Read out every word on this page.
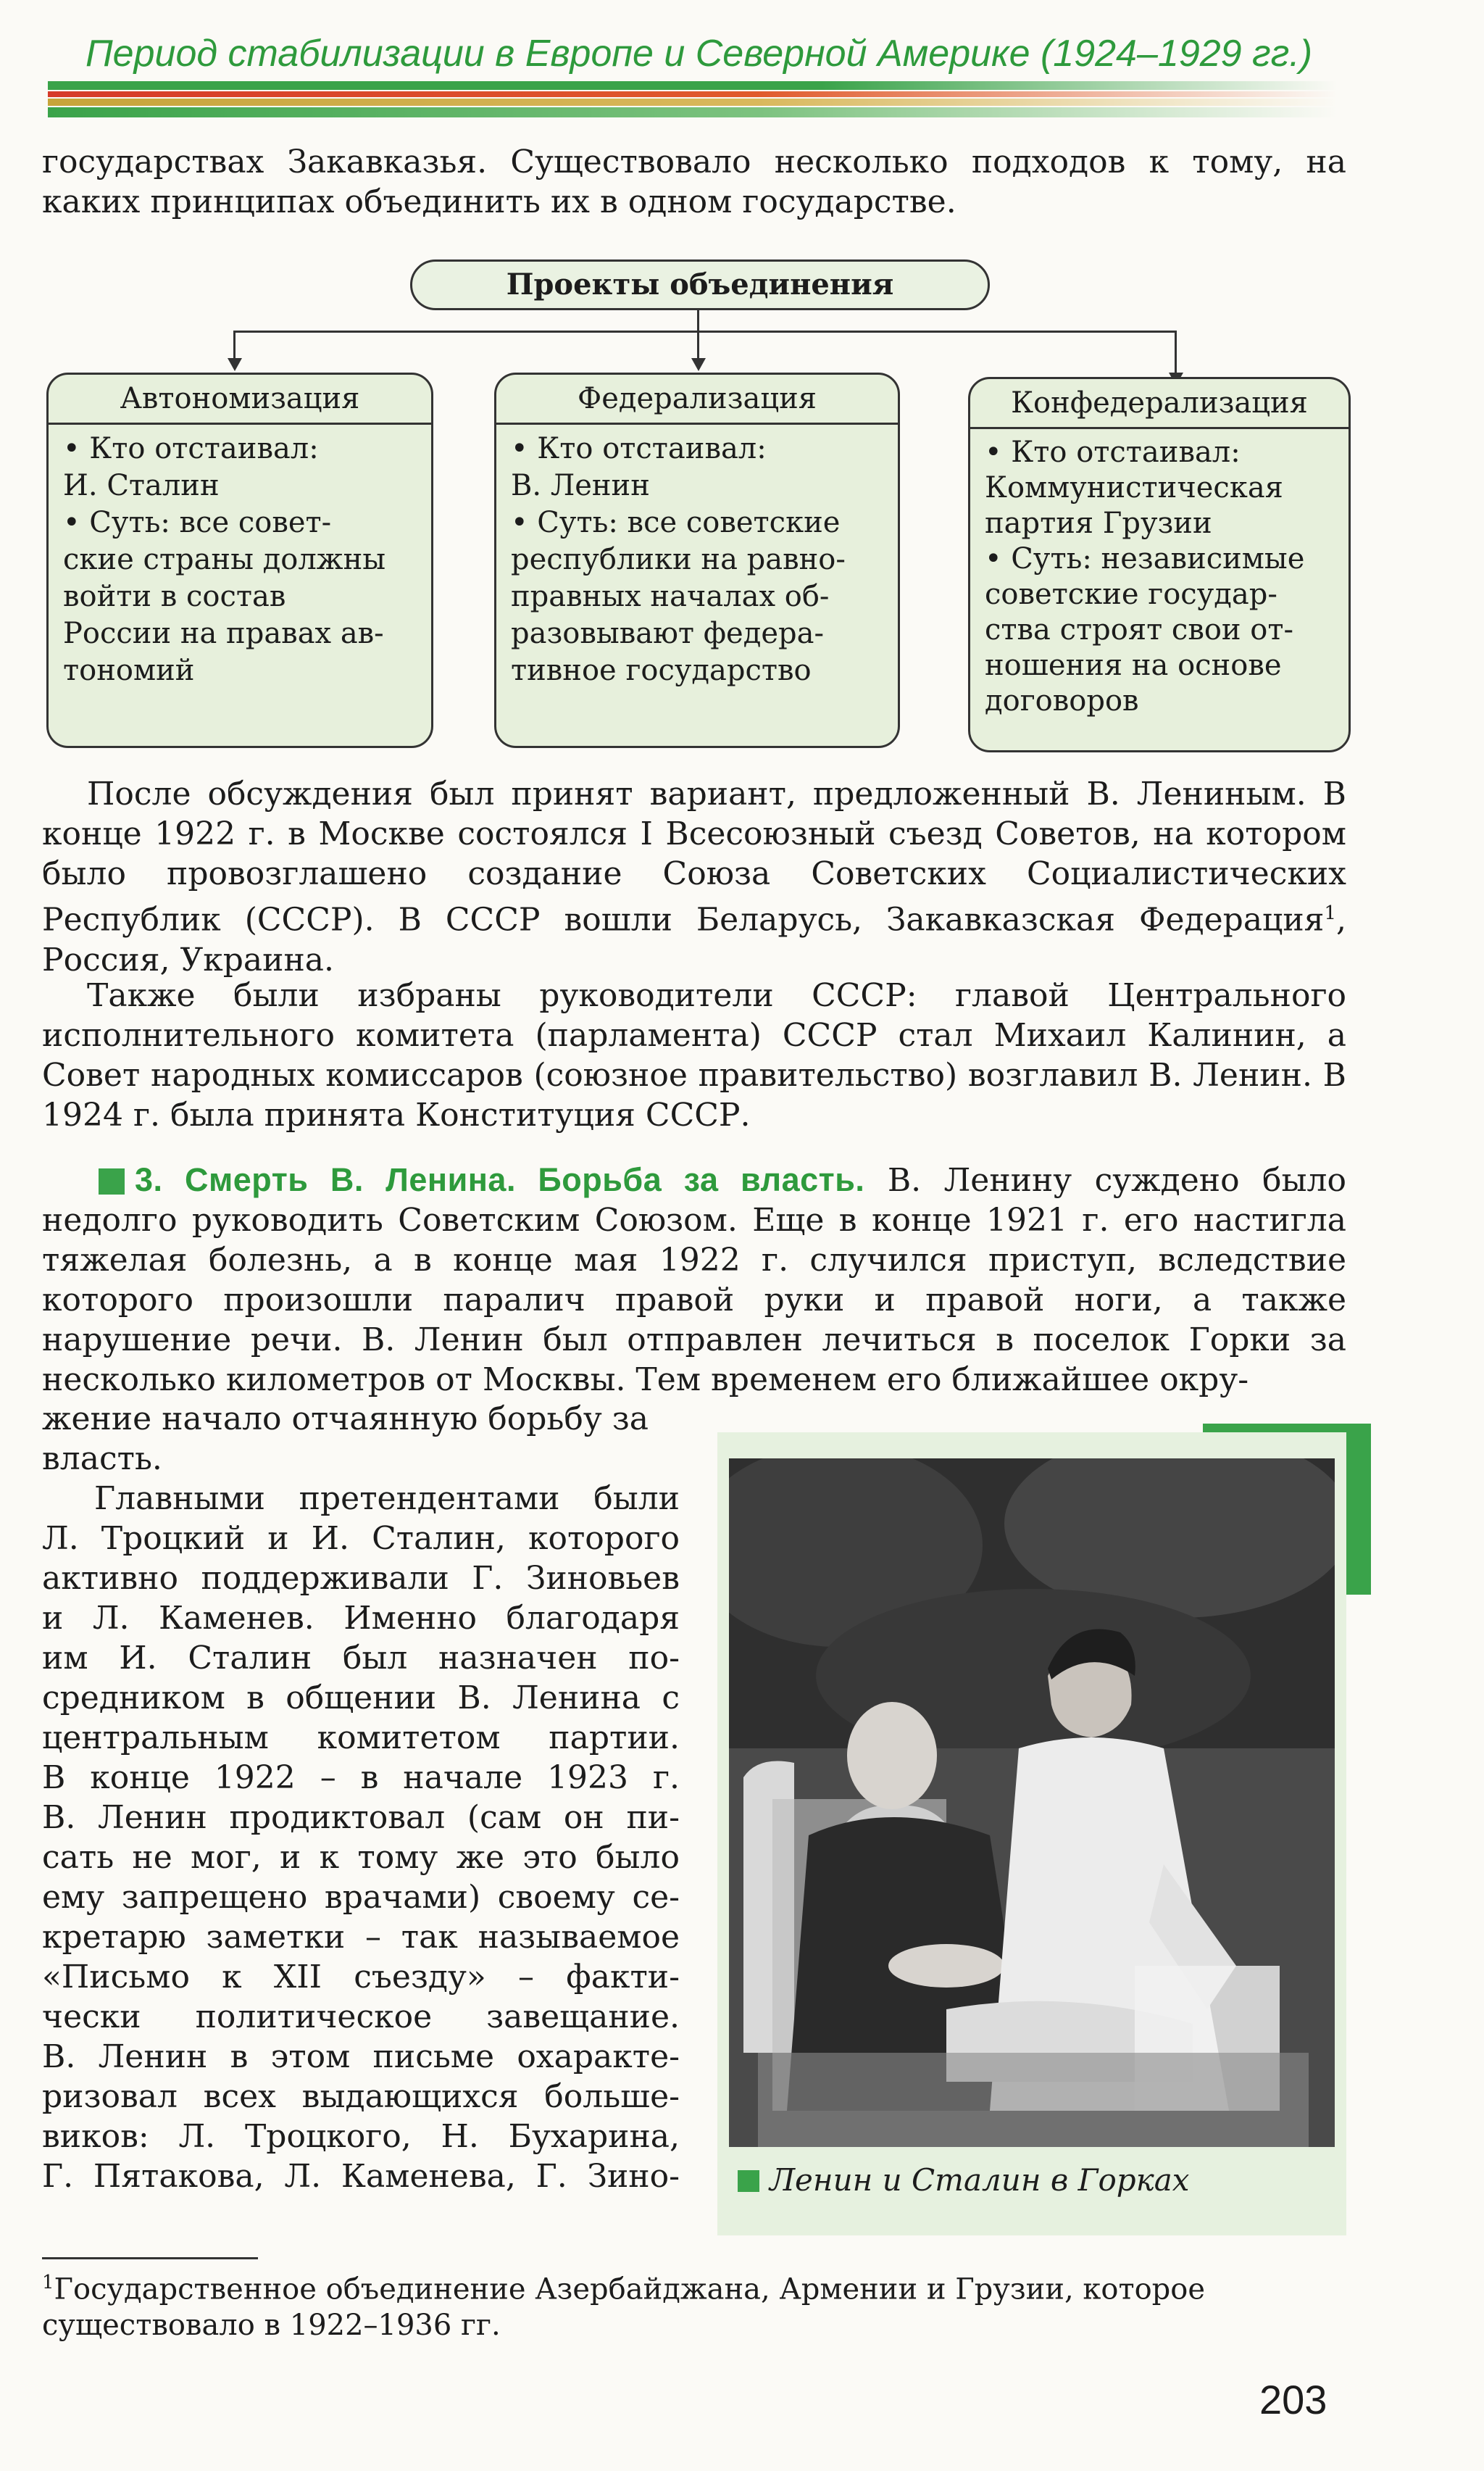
Период стабилизации в Европе и Северной Америке (1924–1929 гг.)
государствах Закавказья. Существовало несколько подходов к тому, на
каких принципах объединить их в одном государстве.
Проекты объединения
Автономизация
• Кто отстаивал:
И. Сталин
• Суть: все совет-
ские страны должны
войти в состав
России на правах ав-
тономий
Федерализация
• Кто отстаивал:
В. Ленин
• Суть: все советские
республики на равно-
правных началах об-
разовывают федера-
тивное государство
Конфедерализация
• Кто отстаивал:
Коммунистическая
партия Грузии
• Суть: независимые
советские государ-
ства строят свои от-
ношения на основе
договоров

После обсуждения был принят вариант, предложенный В. Лениным. В конце 1922 г. в Москве состоялся I Всесоюзный съезд Советов, на котором было провозглашено создание Союза Советских Социалистических Республик (СССР). В СССР вошли Беларусь, Закавказская Федерация$^1$, Россия, Украина.

Также были избраны руководители СССР: главой Центрального исполнительного комитета (парламента) СССР стал Михаил Калинин, а Совет народных комиссаров (союзное правительство) возглавил В. Ленин. В 1924 г. была принята Конституция СССР.

3. Смерть В. Ленина. Борьба за власть. В. Ленину суждено было недолго руководить Советским Союзом. Еще в конце 1921 г. его настигла тяжелая болезнь, а в конце мая 1922 г. случился приступ, вследствие которого произошли паралич правой руки и правой ноги, а также нарушение речи. В. Ленин был отправлен лечиться в поселок Горки за несколько километров от Москвы. Тем временем его ближайшее окру-

жение начало отчаянную борьбу за
власть.
Главными претендентами были
Л. Троцкий и И. Сталин, которого
активно поддерживали Г. Зиновьев
и Л. Каменев. Именно благодаря
им И. Сталин был назначен по-
средником в общении В. Ленина с
центральным комитетом партии.
В конце 1922 – в начале 1923 г.
В. Ленин продиктовал (сам он пи-
сать не мог, и к тому же это было
ему запрещено врачами) своему се-
кретарю заметки – так называемое
«Письмо к XII съезду» – факти-
чески политическое завещание.
В. Ленин в этом письме охаракте-
ризовал всех выдающихся больше-
виков: Л. Троцкого, Н. Бухарина,
Г. Пятакова, Л. Каменева, Г. Зино-	Ленин и Сталин в Горках

$^1$Государственное объединение Азербайджана, Армении и Грузии, которое существовало в 1922–1936 гг.

203
